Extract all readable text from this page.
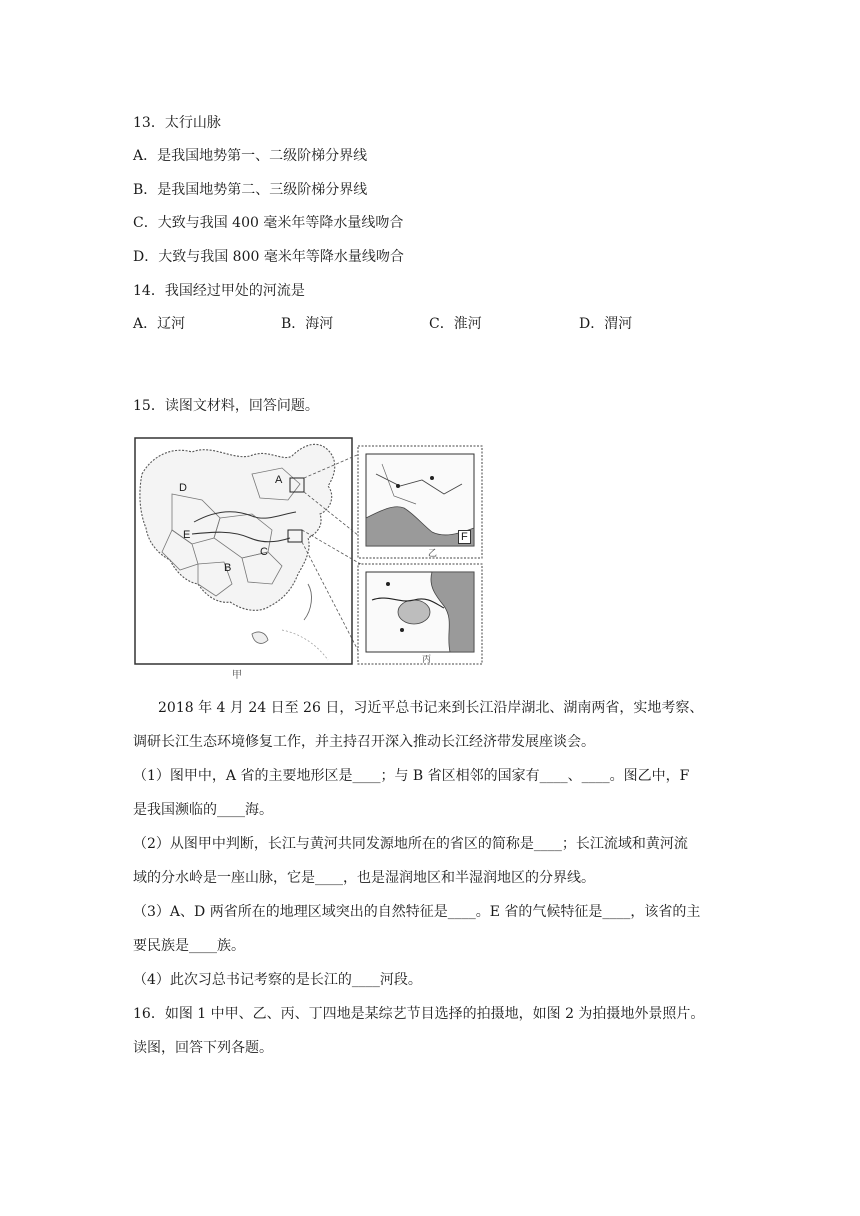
13．太行山脉
A．是我国地势第一、二级阶梯分界线
B．是我国地势第二、三级阶梯分界线
C．大致与我国 400 毫米年等降水量线吻合
D．大致与我国 800 毫米年等降水量线吻合
14．我国经过甲处的河流是
A．辽河	B．海河	C．淮河	D．渭河
15．读图文材料，回答问题。
A
B
C
D
E	F
甲
乙
丙
2018 年 4 月 24 日至 26 日，习近平总书记来到长江沿岸湖北、湖南两省，实地考察、
调研长江生态环境修复工作，并主持召开深入推动长江经济带发展座谈会。
（1）图甲中，A 省的主要地形区是____；与 B 省区相邻的国家有____、____。图乙中，F
是我国濒临的____海。
（2）从图甲中判断，长江与黄河共同发源地所在的省区的简称是____；长江流域和黄河流
域的分水岭是一座山脉，它是____，也是湿润地区和半湿润地区的分界线。
（3）A、D 两省所在的地理区域突出的自然特征是____。E 省的气候特征是____，该省的主
要民族是____族。
（4）此次习总书记考察的是长江的____河段。
16．如图 1 中甲、乙、丙、丁四地是某综艺节目选择的拍摄地，如图 2 为拍摄地外景照片。
读图，回答下列各题。
